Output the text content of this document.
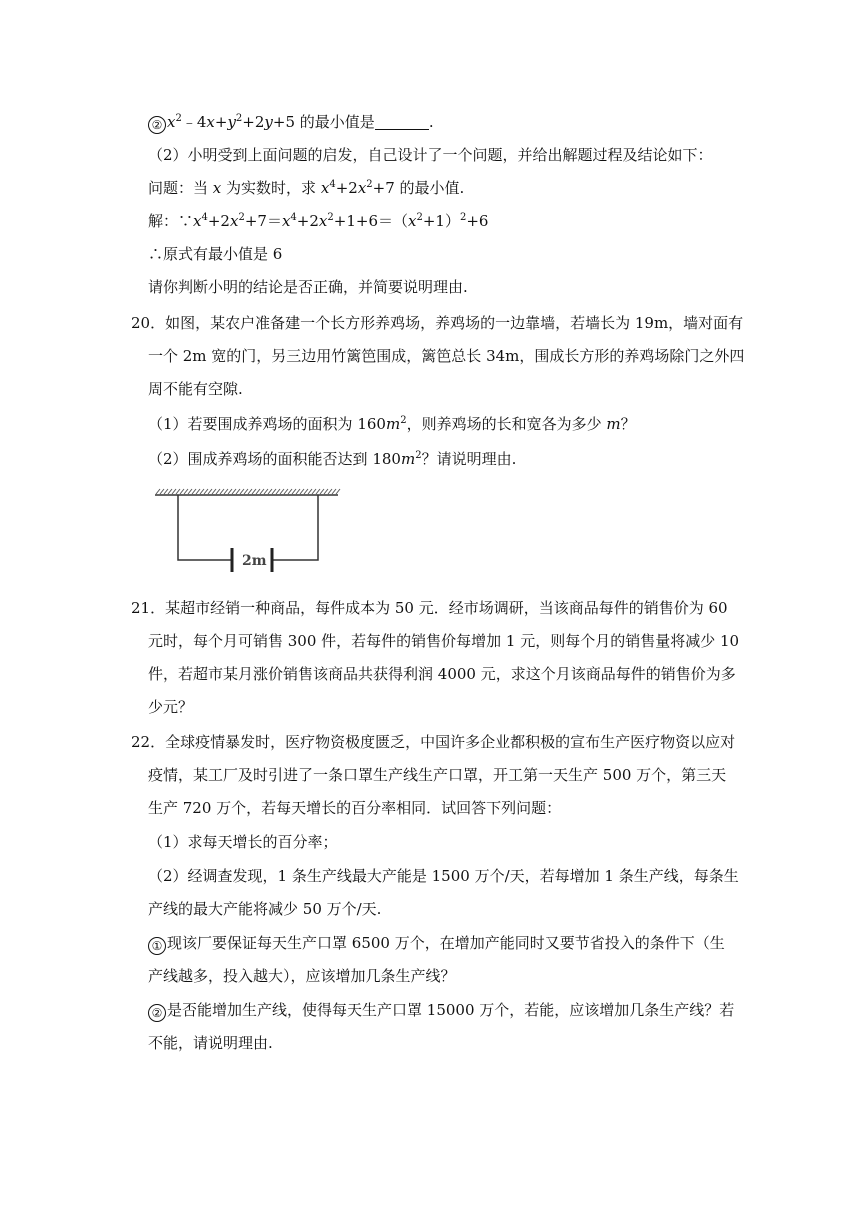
② $x^2﹣4x+y^2+2y+5$ 的最小值是	.
（2）小明受到上面问题的启发，自己设计了一个问题，并给出解题过程及结论如下：
问题：当 x 为实数时，求 $x^4+2x^2+7$ 的最小值.
解：$\because x^4+2x^2+7=x^4+2x^2+1+6=(x^2+1)^2+6$
∴原式有最小值是 6
请你判断小明的结论是否正确，并简要说明理由.
20．如图，某农户准备建一个长方形养鸡场，养鸡场的一边靠墙，若墙长为 19m，墙对面有
一个 2m 宽的门，另三边用竹篱笆围成，篱笆总长 34m，围成长方形的养鸡场除门之外四
周不能有空隙.
（1）若要围成养鸡场的面积为 $160m^2$，则养鸡场的长和宽各为多少 m？
（2）围成养鸡场的面积能否达到 $180m^2$？请说明理由.
2m
21．某超市经销一种商品，每件成本为 50 元．经市场调研，当该商品每件的销售价为 60
元时，每个月可销售 300 件，若每件的销售价每增加 1 元，则每个月的销售量将减少 10
件，若超市某月涨价销售该商品共获得利润 4000 元，求这个月该商品每件的销售价为多
少元？
22．全球疫情暴发时，医疗物资极度匮乏，中国许多企业都积极的宣布生产医疗物资以应对
疫情，某工厂及时引进了一条口罩生产线生产口罩，开工第一天生产 500 万个，第三天
生产 720 万个，若每天增长的百分率相同．试回答下列问题：
（1）求每天增长的百分率；
（2）经调查发现，1 条生产线最大产能是 1500 万个/天，若每增加 1 条生产线，每条生
产线的最大产能将减少 50 万个/天.
① 现该厂要保证每天生产口罩 6500 万个，在增加产能同时又要节省投入的条件下（生
产线越多，投入越大），应该增加几条生产线？
② 是否能增加生产线，使得每天生产口罩 15000 万个，若能，应该增加几条生产线？若
不能，请说明理由.
